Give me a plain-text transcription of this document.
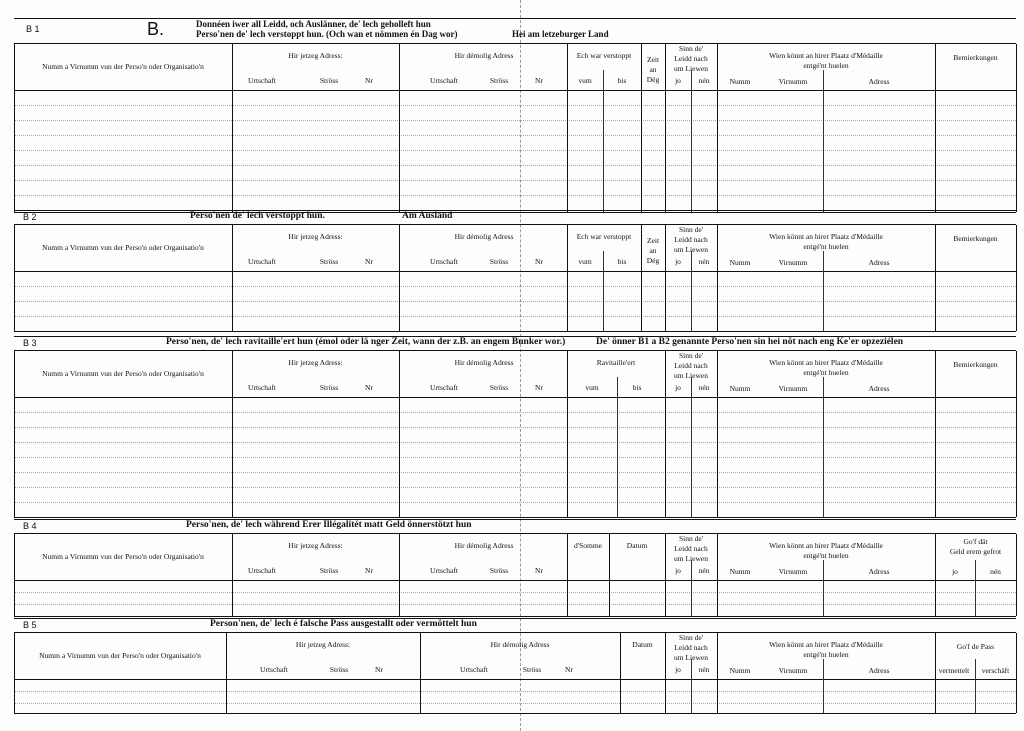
B 1	B.	Donnéen iwer all Leidd, och Auslänner, de' lech geholleft hun
Perso'nen de' lech verstoppt hun. (Och wan et nömmen én Dag wor)	Hei am letzeburger Land
Numm a Virnumm vun der Perso'n oder Organisatio'n
Hir jetzeg Adress:
Urtschaft	Ströss	Nr
Hir démolig Adress
Urtschaft	Ströss	Nr
Ech war verstoppt
vum	bis
Zeit
an
Dég
Sinn de'
Leidd nach
um Liewen
jo	nén
Wien könnt an hirer Plaatz d'Médaille
entgé'nt huelen
Numm	Virnumm	Adress
Bemierkungen
B 2	Perso'nen de' lech verstoppt hun.	Am Ausland
Numm a Virnumm vun der Perso'n oder Organisatio'n
Hir jetzeg Adress:
Urtschaft	Ströss	Nr
Hir démolig Adress
Urtschaft	Ströss	Nr
Ech war verstoppt
vum	bis
Zeit
an
Dég
Sinn de'
Leidd nach
um Liewen
jo	nén
Wien könnt an hirer Plaatz d'Médaille
entgé'nt huelen
Numm	Virnumm	Adress
Bemierkungen
B 3	Perso'nen, de' lech ravitaille'ert hun (émol oder lä nger Zeit, wann der z.B. an engem Bunker wor.)	De' önner B1 a B2 genannte Perso'nen sin hei nöt nach eng Ke'er opzeziélen
Numm a Virnumm vun der Perso'n oder Organisatio'n
Hir jetzeg Adress:
Urtschaft	Ströss	Nr
Hir démolig Adress
Urtschaft	Ströss	Nr
Ravitaille'ert
vum	bis
Sinn de'
Leidd nach
um Liewen
jo	nén
Wien könnt an hirer Plaatz d'Médaille
entgé'nt huelen
Numm	Virnumm	Adress
Bemierkungen
B 4	Perso'nen, de' lech während Erer Illégalitét matt Geld önnerstötzt hun
Numm a Virnumm vun der Perso'n oder Organisatio'n
Hir jetzeg Adress:
Urtschaft	Ströss	Nr
Hir démolig Adress
Urtschaft	Ströss	Nr
d'Somme	Datum
Sinn de'
Leidd nach
um Liewen
jo	nén
Wien könnt an hirer Plaatz d'Médaille
entgé'nt huelen
Numm	Virnumm	Adress
Go'f dät
Geld erem gefrot
jo	nén
B 5	Person'nen, de' lech é falsche Pass ausgestallt oder vermöttelt hun
Numm a Virnumm vun der Perso'n oder Organisatio'n
Hir jetzeg Adress:
Urtschaft	Ströss	Nr
Hir démolig Adress
Urtschaft	Ströss	Nr
Datum
Sinn de'
Leidd nach
um Liewen
jo	nén
Wien könnt an hirer Plaatz d'Médaille
entgé'nt huelen
Numm	Virnumm	Adress
Go'f de Pass
vermettelt	verschäft
